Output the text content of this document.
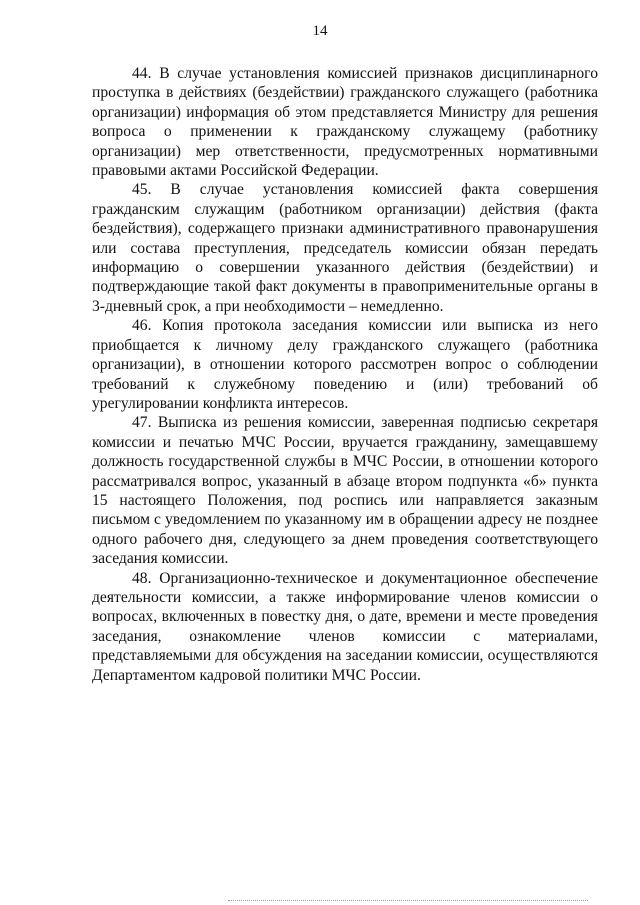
14

44. В случае установления комиссией признаков дисциплинарного проступка в действиях (бездействии) гражданского служащего (работника организации) информация об этом представляется Министру для решения вопроса о применении к гражданскому служащему (работнику организации) мер ответственности, предусмотренных нормативными правовыми актами Российской Федерации.

45. В случае установления комиссией факта совершения гражданским служащим (работником организации) действия (факта бездействия), содержащего признаки административного правонарушения или состава преступления, председатель комиссии обязан передать информацию о совершении указанного действия (бездействии) и подтверждающие такой факт документы в правоприменительные органы в 3-дневный срок, а при необходимости – немедленно.

46. Копия протокола заседания комиссии или выписка из него приобщается к личному делу гражданского служащего (работника организации), в отношении которого рассмотрен вопрос о соблюдении требований к служебному поведению и (или) требований об урегулировании конфликта интересов.

47. Выписка из решения комиссии, заверенная подписью секретаря комиссии и печатью МЧС России, вручается гражданину, замещавшему должность государственной службы в МЧС России, в отношении которого рассматривался вопрос, указанный в абзаце втором подпункта «б» пункта 15 настоящего Положения, под роспись или направляется заказным письмом с уведомлением по указанному им в обращении адресу не позднее одного рабочего дня, следующего за днем проведения соответствующего заседания комиссии.

48. Организационно-техническое и документационное обеспечение деятельности комиссии, а также информирование членов комиссии о вопросах, включенных в повестку дня, о дате, времени и месте проведения заседания, ознакомление членов комиссии с материалами, представляемыми для обсуждения на заседании комиссии, осуществляются Департаментом кадровой политики МЧС России.
